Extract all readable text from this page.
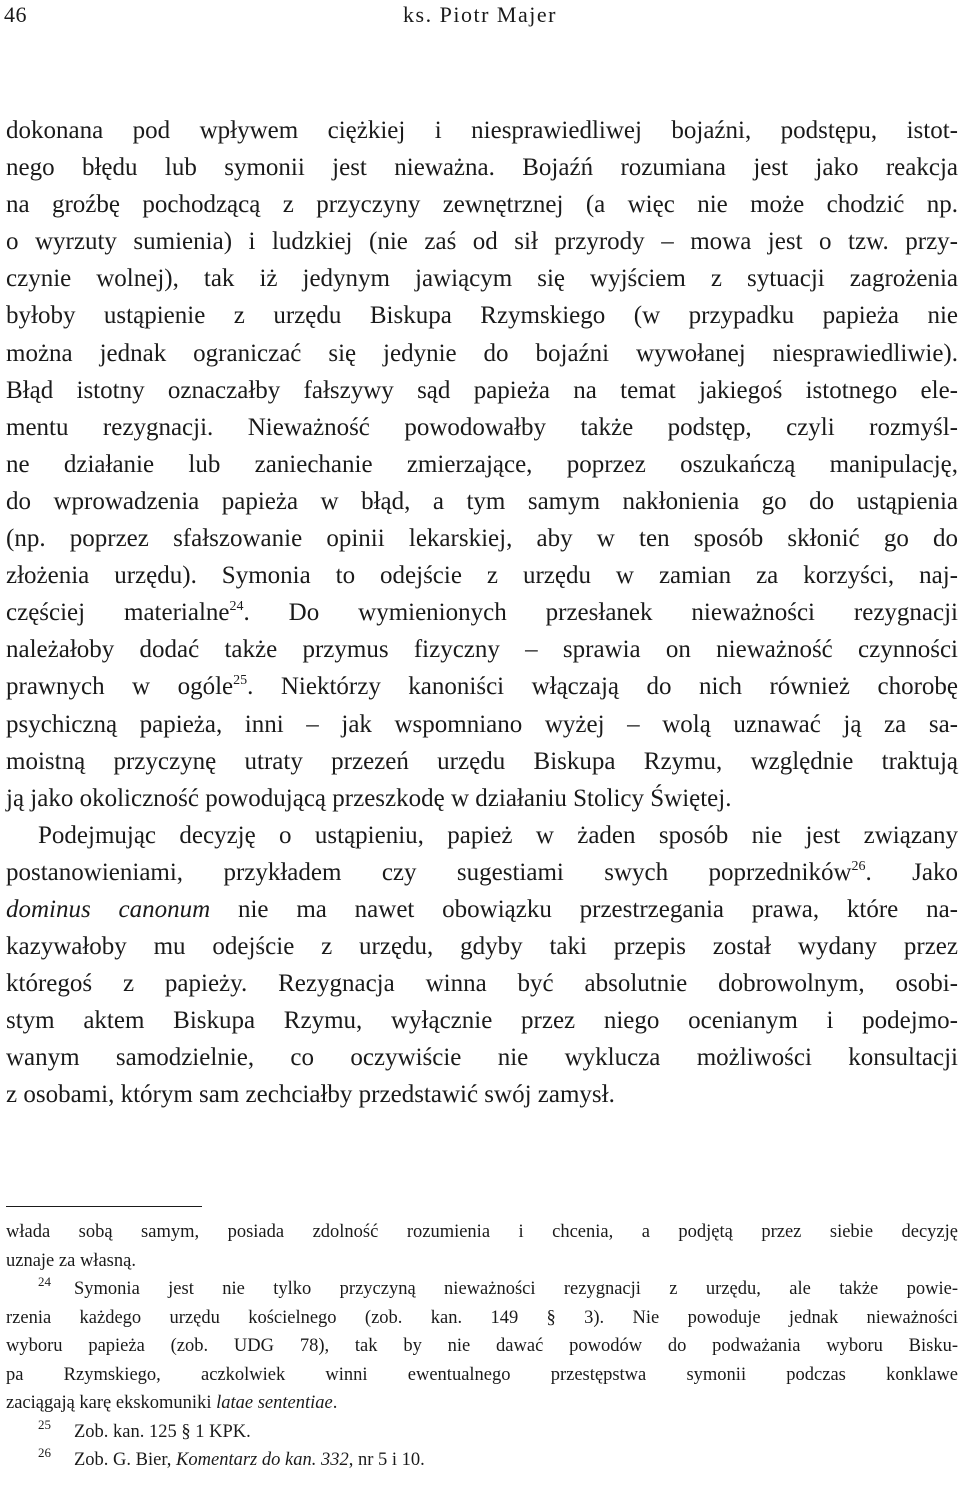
46	ks. Piotr Majer
dokonana pod wpływem ciężkiej i niesprawiedliwej bojaźni, podstępu, istot-
nego błędu lub symonii jest nieważna. Bojaźń rozumiana jest jako reakcja
na groźbę pochodzącą z przyczyny zewnętrznej (a więc nie może chodzić np.
o wyrzuty sumienia) i ludzkiej (nie zaś od sił przyrody – mowa jest o tzw. przy-
czynie wolnej), tak iż jedynym jawiącym się wyjściem z sytuacji zagrożenia
byłoby ustąpienie z urzędu Biskupa Rzymskiego (w przypadku papieża nie
można jednak ograniczać się jedynie do bojaźni wywołanej niesprawiedliwie).
Błąd istotny oznaczałby fałszywy sąd papieża na temat jakiegoś istotnego ele-
mentu rezygnacji. Nieważność powodowałby także podstęp, czyli rozmyśl-
ne działanie lub zaniechanie zmierzające, poprzez oszukańczą manipulację,
do wprowadzenia papieża w błąd, a tym samym nakłonienia go do ustąpienia
(np. poprzez sfałszowanie opinii lekarskiej, aby w ten sposób skłonić go do
złożenia urzędu). Symonia to odejście z urzędu w zamian za korzyści, naj-
częściej materialne$^{24}$. Do wymienionych przesłanek nieważności rezygnacji
należałoby dodać także przymus fizyczny – sprawia on nieważność czynności
prawnych w ogóle$^{25}$. Niektórzy kanoniści włączają do nich również chorobę
psychiczną papieża, inni – jak wspomniano wyżej – wolą uznawać ją za sa-
moistną przyczynę utraty przezeń urzędu Biskupa Rzymu, względnie traktują
ją jako okoliczność powodującą przeszkodę w działaniu Stolicy Świętej.
Podejmując decyzję o ustąpieniu, papież w żaden sposób nie jest związany
postanowieniami, przykładem czy sugestiami swych poprzedników$^{26}$. Jako
dominus canonum nie ma nawet obowiązku przestrzegania prawa, które na-
kazywałoby mu odejście z urzędu, gdyby taki przepis został wydany przez
któregoś z papieży. Rezygnacja winna być absolutnie dobrowolnym, osobi-
stym aktem Biskupa Rzymu, wyłącznie przez niego ocenianym i podejmo-
wanym samodzielnie, co oczywiście nie wyklucza możliwości konsultacji
z osobami, którym sam zechciałby przedstawić swój zamysł.
włada sobą samym, posiada zdolność rozumienia i chcenia, a podjętą przez siebie decyzję
uznaje za własną.
24 Symonia jest nie tylko przyczyną nieważności rezygnacji z urzędu, ale także powie-
rzenia każdego urzędu kościelnego (zob. kan. 149 § 3). Nie powoduje jednak nieważności
wyboru papieża (zob. UDG 78), tak by nie dawać powodów do podważania wyboru Bisku-
pa Rzymskiego, aczkolwiek winni ewentualnego przestępstwa symonii podczas konklawe
zaciągają karę ekskomuniki latae sententiae.
25 Zob. kan. 125 § 1 KPK.
26 Zob. G. Bier, Komentarz do kan. 332, nr 5 i 10.
